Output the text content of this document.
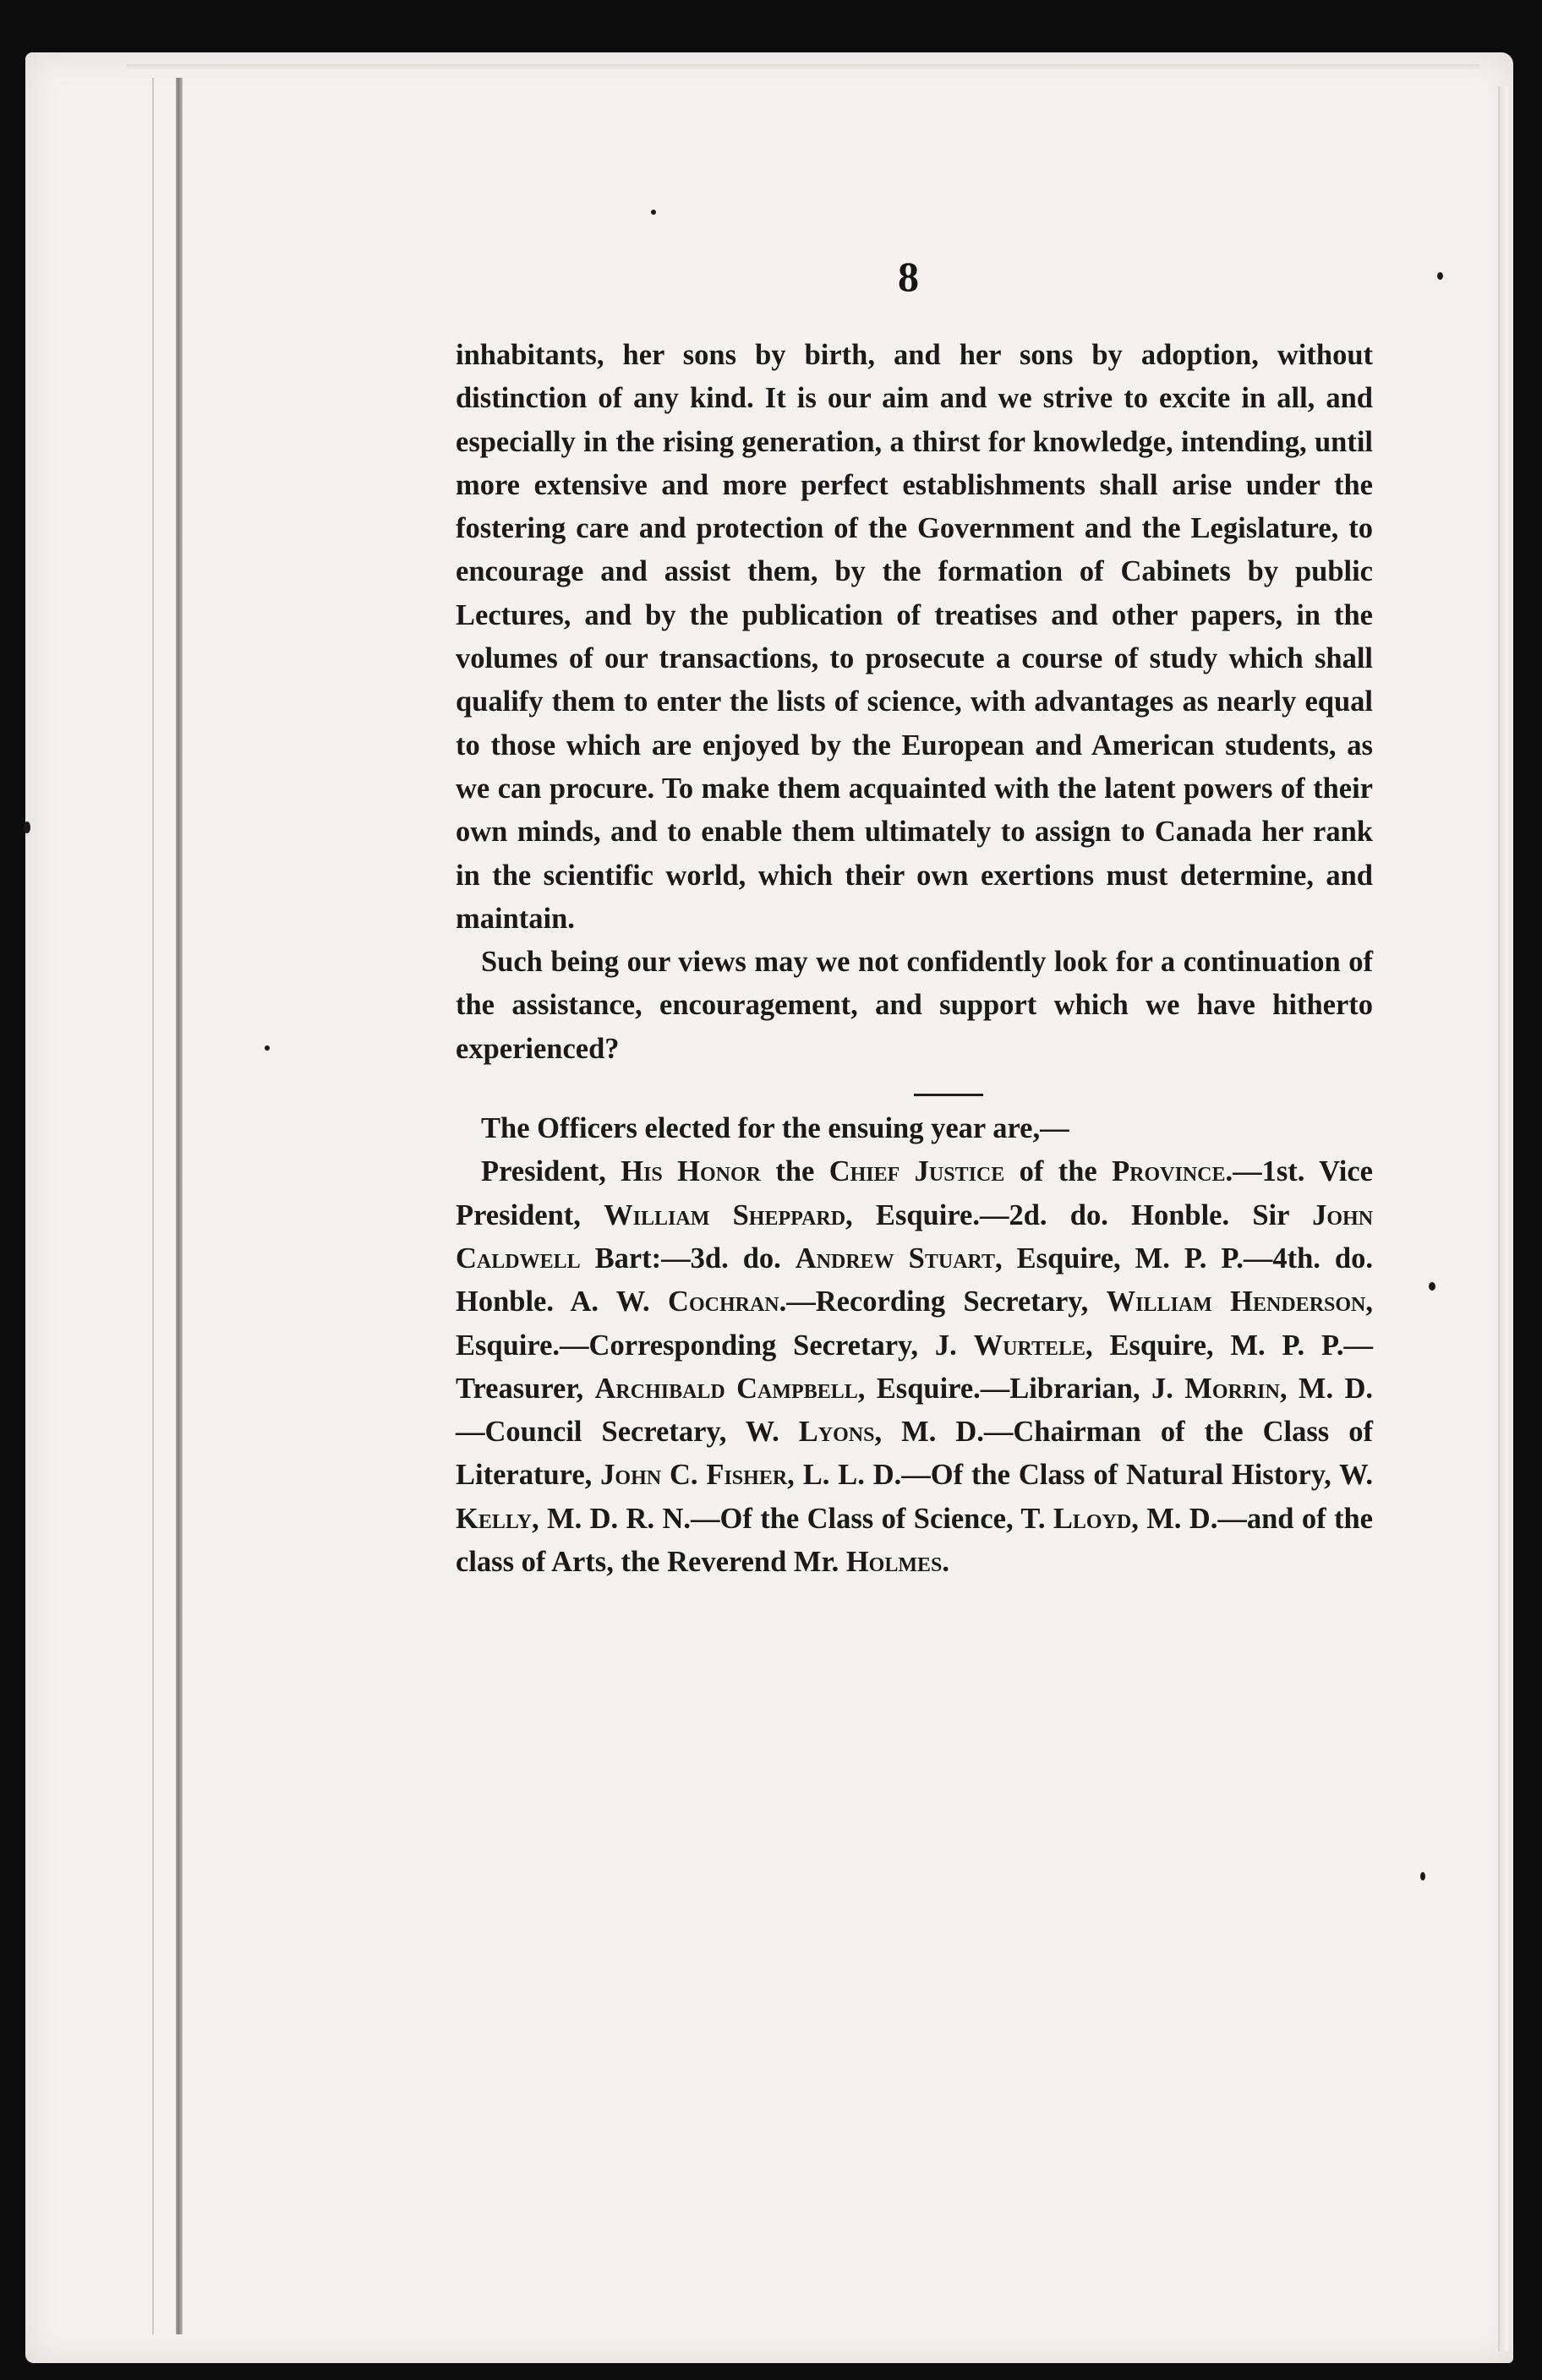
8

inhabitants, her sons by birth, and her sons by adoption, without distinction of any kind. It is our aim and we strive to excite in all, and especially in the rising generation, a thirst for knowledge, intending, until more extensive and more perfect establishments shall arise under the fostering care and protection of the Government and the Legislature, to encourage and assist them, by the formation of Cabinets by public Lectures, and by the publication of treatises and other papers, in the volumes of our transactions, to prosecute a course of study which shall qualify them to enter the lists of science, with advantages as nearly equal to those which are enjoyed by the European and American students, as we can procure. To make them acquainted with the latent powers of their own minds, and to enable them ultimately to assign to Canada her rank in the scientific world, which their own exertions must determine, and maintain.

Such being our views may we not confidently look for a continuation of the assistance, encouragement, and support which we have hitherto experienced?

The Officers elected for the ensuing year are,—

President, His Honor the Chief Justice of the Province.—1st. Vice President, William Sheppard, Esquire.—2d. do. Honble. Sir John Caldwell Bart:—3d. do. Andrew Stuart, Esquire, M. P. P.—4th. do. Honble. A. W. Cochran.—Recording Secretary, William Henderson, Esquire.—Corresponding Secretary, J. Wurtele, Esquire, M. P. P.—Treasurer, Archibald Campbell, Esquire.—Librarian, J. Morrin, M. D.—Council Secretary, W. Lyons, M. D.—Chairman of the Class of Literature, John C. Fisher, L. L. D.—Of the Class of Natural History, W. Kelly, M. D. R. N.—Of the Class of Science, T. Lloyd, M. D.—and of the class of Arts, the Reverend Mr. Holmes.
